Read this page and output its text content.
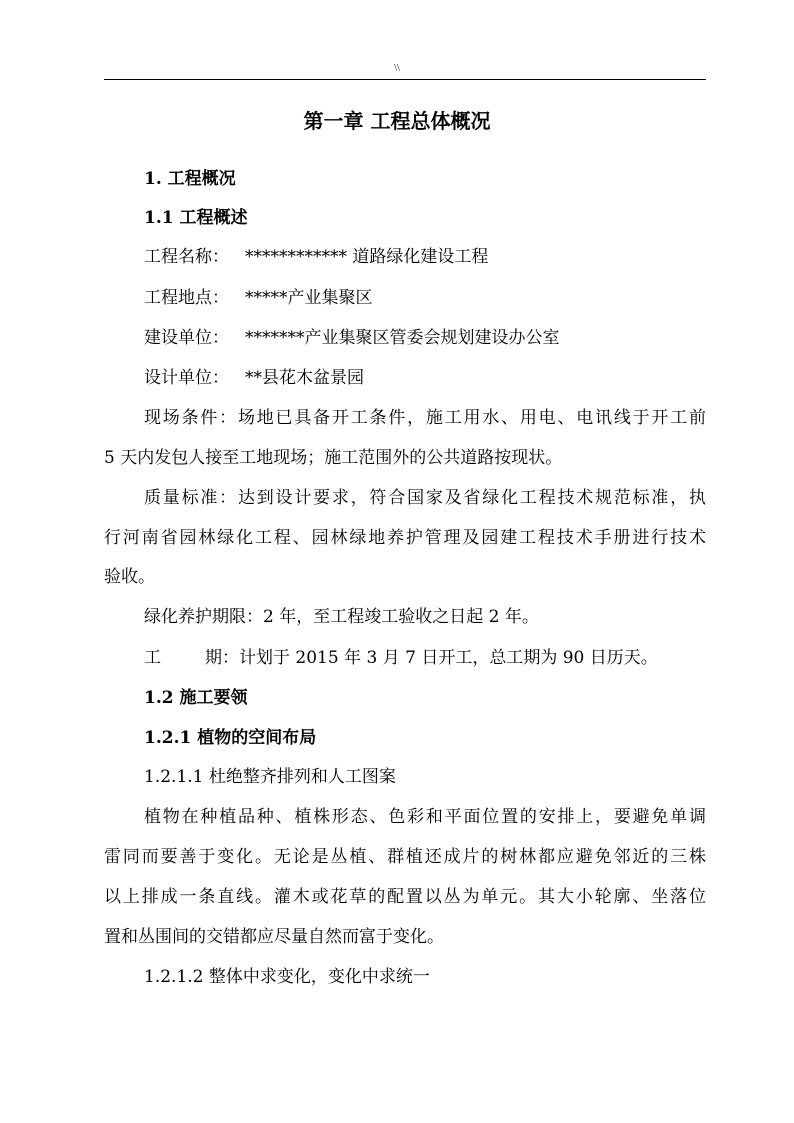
\\
第一章 工程总体概况
1. 工程概况
1.1 工程概述
工程名称： ************ 道路绿化建设工程
工程地点： *****产业集聚区
建设单位： *******产业集聚区管委会规划建设办公室
设计单位： **县花木盆景园
现场条件：场地已具备开工条件，施工用水、用电、电讯线于开工前
5 天内发包人接至工地现场；施工范围外的公共道路按现状。
质量标准：达到设计要求，符合国家及省绿化工程技术规范标准，执
行河南省园林绿化工程、园林绿地养护管理及园建工程技术手册进行技术
验收。
绿化养护期限：2 年，至工程竣工验收之日起 2 年。
工	期：计划于 2015 年 3 月 7 日开工，总工期为 90 日历天。
1.2 施工要领
1.2.1 植物的空间布局
1.2.1.1 杜绝整齐排列和人工图案
植物在种植品种、植株形态、色彩和平面位置的安排上，要避免单调
雷同而要善于变化。无论是丛植、群植还成片的树林都应避免邻近的三株
以上排成一条直线。灌木或花草的配置以丛为单元。其大小轮廓、坐落位
置和丛围间的交错都应尽量自然而富于变化。
1.2.1.2 整体中求变化，变化中求统一
